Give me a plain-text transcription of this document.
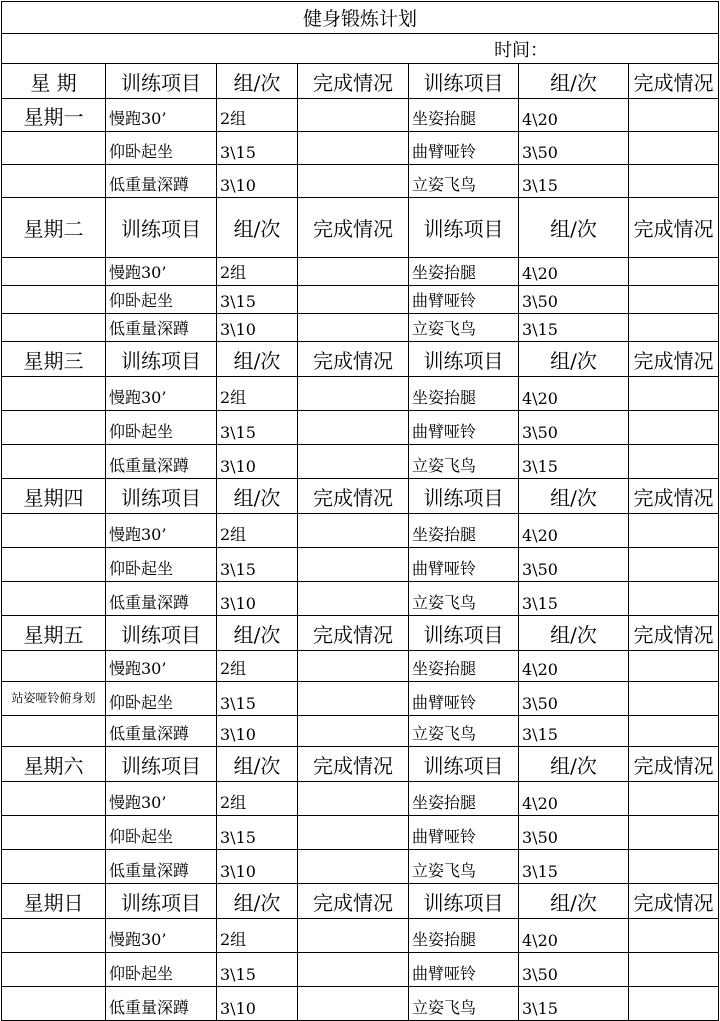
健身锻炼计划						
时间：						
星 期	训练项目	组/次	完成情况	训练项目	组/次	完成情况
星期一	慢跑30’	2组		坐姿抬腿	4\20	
	仰卧起坐	3\15		曲臂哑铃	3\50	
	低重量深蹲	3\10		立姿飞鸟	3\15	
星期二	训练项目	组/次	完成情况	训练项目	组/次	完成情况
	慢跑30’	2组		坐姿抬腿	4\20	
	仰卧起坐	3\15		曲臂哑铃	3\50	
	低重量深蹲	3\10		立姿飞鸟	3\15	
星期三	训练项目	组/次	完成情况	训练项目	组/次	完成情况
	慢跑30’	2组		坐姿抬腿	4\20	
	仰卧起坐	3\15		曲臂哑铃	3\50	
	低重量深蹲	3\10		立姿飞鸟	3\15	
星期四	训练项目	组/次	完成情况	训练项目	组/次	完成情况
	慢跑30’	2组		坐姿抬腿	4\20	
	仰卧起坐	3\15		曲臂哑铃	3\50	
	低重量深蹲	3\10		立姿飞鸟	3\15	
星期五	训练项目	组/次	完成情况	训练项目	组/次	完成情况
	慢跑30’	2组		坐姿抬腿	4\20	
站姿哑铃俯身划	仰卧起坐	3\15		曲臂哑铃	3\50	
	低重量深蹲	3\10		立姿飞鸟	3\15	
星期六	训练项目	组/次	完成情况	训练项目	组/次	完成情况
	慢跑30’	2组		坐姿抬腿	4\20	
	仰卧起坐	3\15		曲臂哑铃	3\50	
	低重量深蹲	3\10		立姿飞鸟	3\15	
星期日	训练项目	组/次	完成情况	训练项目	组/次	完成情况
	慢跑30’	2组		坐姿抬腿	4\20	
	仰卧起坐	3\15		曲臂哑铃	3\50	
	低重量深蹲	3\10		立姿飞鸟	3\15	
